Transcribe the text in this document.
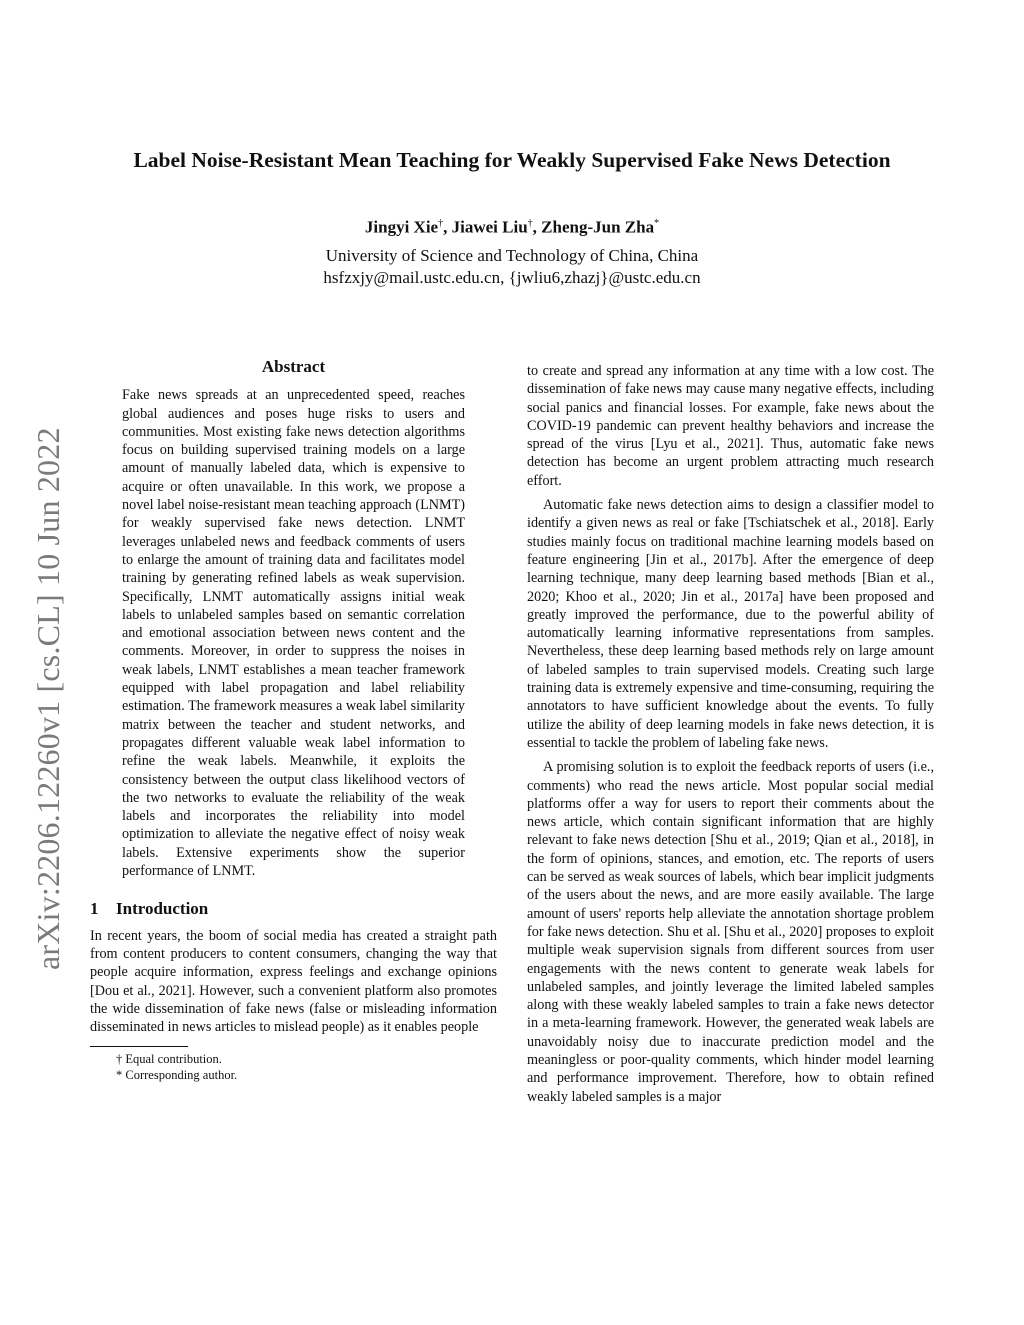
Label Noise-Resistant Mean Teaching for Weakly Supervised Fake News Detection
Jingyi Xie†, Jiawei Liu†, Zheng-Jun Zha*
University of Science and Technology of China, China
hsfzxjy@mail.ustc.edu.cn, {jwliu6,zhazj}@ustc.edu.cn
arXiv:2206.12260v1 [cs.CL] 10 Jun 2022
Abstract

Fake news spreads at an unprecedented speed, reaches global audiences and poses huge risks to users and communities. Most existing fake news detection algorithms focus on building supervised training models on a large amount of manually labeled data, which is expensive to acquire or often unavailable. In this work, we propose a novel label noise-resistant mean teaching approach (LNMT) for weakly supervised fake news detection. LNMT leverages unlabeled news and feedback comments of users to enlarge the amount of training data and facilitates model training by generating refined labels as weak supervision. Specifically, LNMT automatically assigns initial weak labels to unlabeled samples based on semantic correlation and emotional association between news content and the comments. Moreover, in order to suppress the noises in weak labels, LNMT establishes a mean teacher framework equipped with label propagation and label reliability estimation. The framework measures a weak label similarity matrix between the teacher and student networks, and propagates different valuable weak label information to refine the weak labels. Meanwhile, it exploits the consistency between the output class likelihood vectors of the two networks to evaluate the reliability of the weak labels and incorporates the reliability into model optimization to alleviate the negative effect of noisy weak labels. Extensive experiments show the superior performance of LNMT.

1 Introduction

In recent years, the boom of social media has created a straight path from content producers to content consumers, changing the way that people acquire information, express feelings and exchange opinions [Dou et al., 2021]. However, such a convenient platform also promotes the wide dissemination of fake news (false or misleading information disseminated in news articles to mislead people) as it enables people

† Equal contribution.
* Corresponding author.

to create and spread any information at any time with a low cost. The dissemination of fake news may cause many negative effects, including social panics and financial losses. For example, fake news about the COVID-19 pandemic can prevent healthy behaviors and increase the spread of the virus [Lyu et al., 2021]. Thus, automatic fake news detection has become an urgent problem attracting much research effort.

Automatic fake news detection aims to design a classifier model to identify a given news as real or fake [Tschiatschek et al., 2018]. Early studies mainly focus on traditional machine learning models based on feature engineering [Jin et al., 2017b]. After the emergence of deep learning technique, many deep learning based methods [Bian et al., 2020; Khoo et al., 2020; Jin et al., 2017a] have been proposed and greatly improved the performance, due to the powerful ability of automatically learning informative representations from samples. Nevertheless, these deep learning based methods rely on large amount of labeled samples to train supervised models. Creating such large training data is extremely expensive and time-consuming, requiring the annotators to have sufficient knowledge about the events. To fully utilize the ability of deep learning models in fake news detection, it is essential to tackle the problem of labeling fake news.

A promising solution is to exploit the feedback reports of users (i.e., comments) who read the news article. Most popular social medial platforms offer a way for users to report their comments about the news article, which contain significant information that are highly relevant to fake news detection [Shu et al., 2019; Qian et al., 2018], in the form of opinions, stances, and emotion, etc. The reports of users can be served as weak sources of labels, which bear implicit judgments of the users about the news, and are more easily available. The large amount of users' reports help alleviate the annotation shortage problem for fake news detection. Shu et al. [Shu et al., 2020] proposes to exploit multiple weak supervision signals from different sources from user engagements with the news content to generate weak labels for unlabeled samples, and jointly leverage the limited labeled samples along with these weakly labeled samples to train a fake news detector in a meta-learning framework. However, the generated weak labels are unavoidably noisy due to inaccurate prediction model and the meaningless or poor-quality comments, which hinder model learning and performance improvement. Therefore, how to obtain refined weakly labeled samples is a major
